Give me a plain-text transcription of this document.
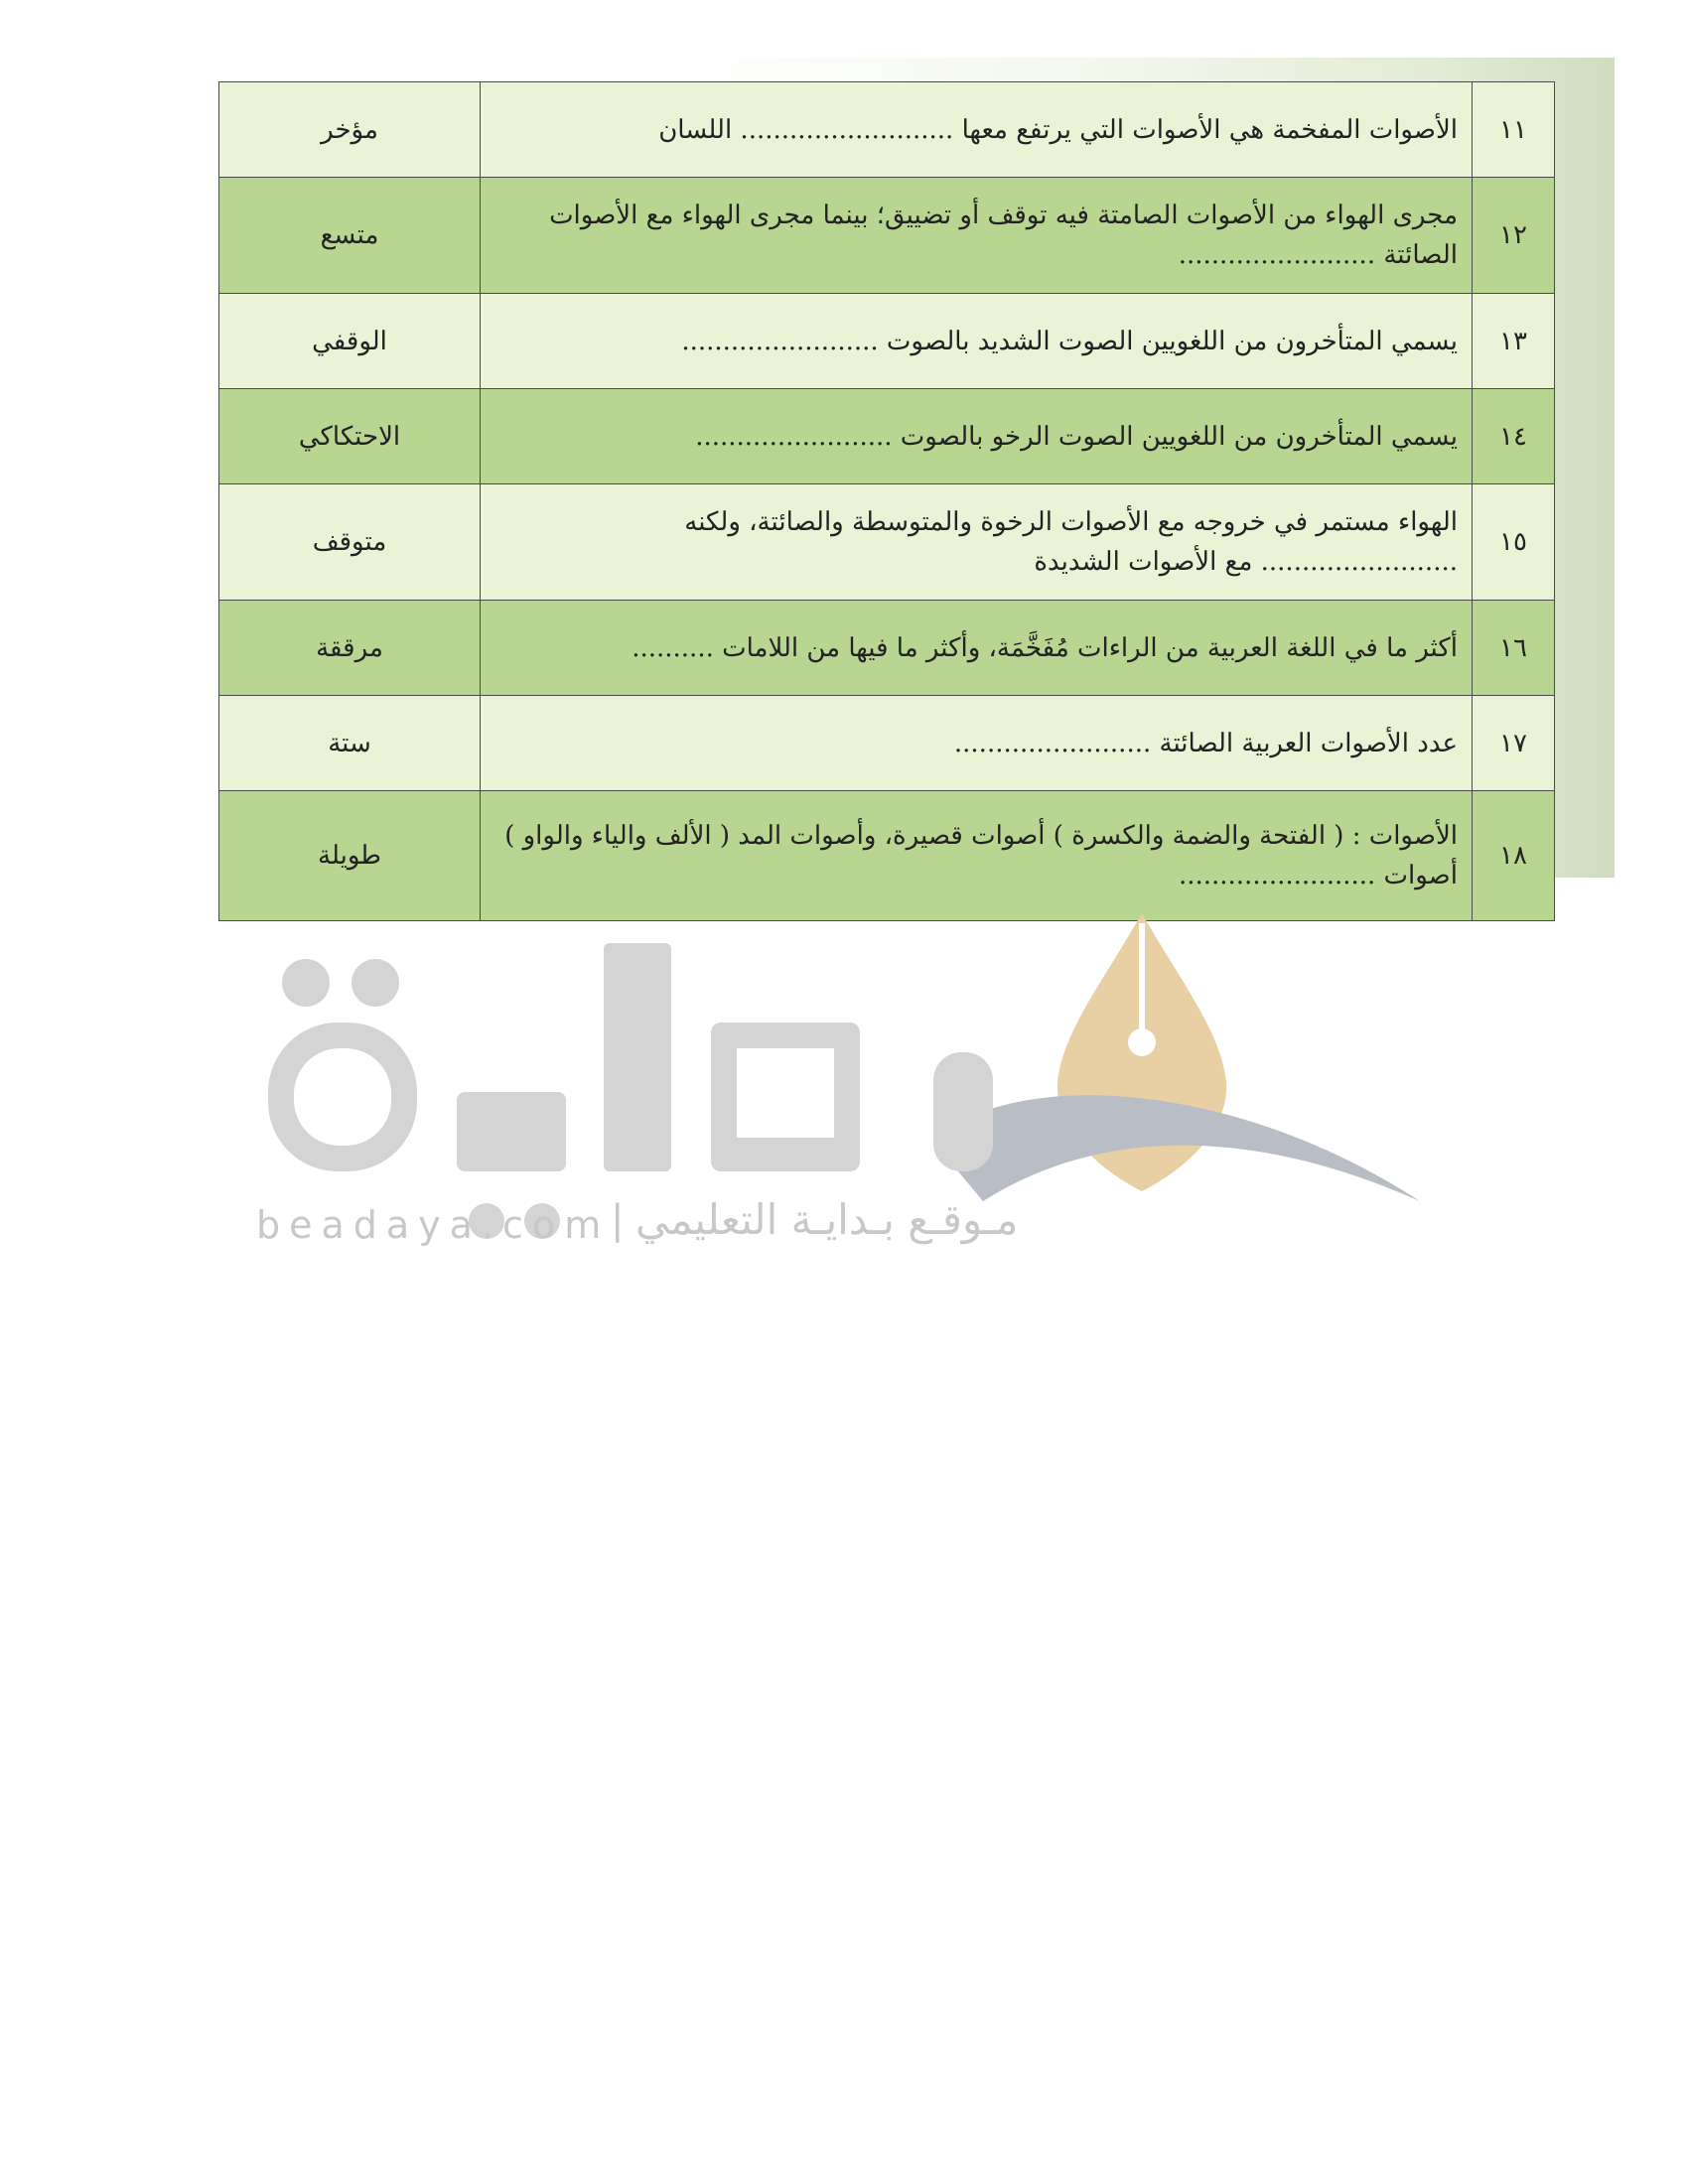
١١	الأصوات المفخمة هي الأصوات التي يرتفع معها .......................... اللسان	مؤخر
١٢	مجرى الهواء من الأصوات الصامتة فيه توقف أو تضييق؛ بينما مجرى الهواء مع الأصوات الصائتة ........................	متسع
١٣	يسمي المتأخرون من اللغويين الصوت الشديد بالصوت ........................	الوقفي
١٤	يسمي المتأخرون من اللغويين الصوت الرخو بالصوت ........................	الاحتكاكي
١٥	الهواء مستمر في خروجه مع الأصوات الرخوة والمتوسطة والصائتة، ولكنه ........................ مع الأصوات الشديدة	متوقف
١٦	أكثر ما في اللغة العربية من الراءات مُفَخَّمَة، وأكثر ما فيها من اللامات ..........	مرققة
١٧	عدد الأصوات العربية الصائتة ........................	ستة
١٨	الأصوات : ( الفتحة والضمة والكسرة ) أصوات قصيرة، وأصوات المد ( الألف والياء والواو ) أصوات ........................	طويلة
beadaya.com | مـوقـع بـدايـة التعليمي
